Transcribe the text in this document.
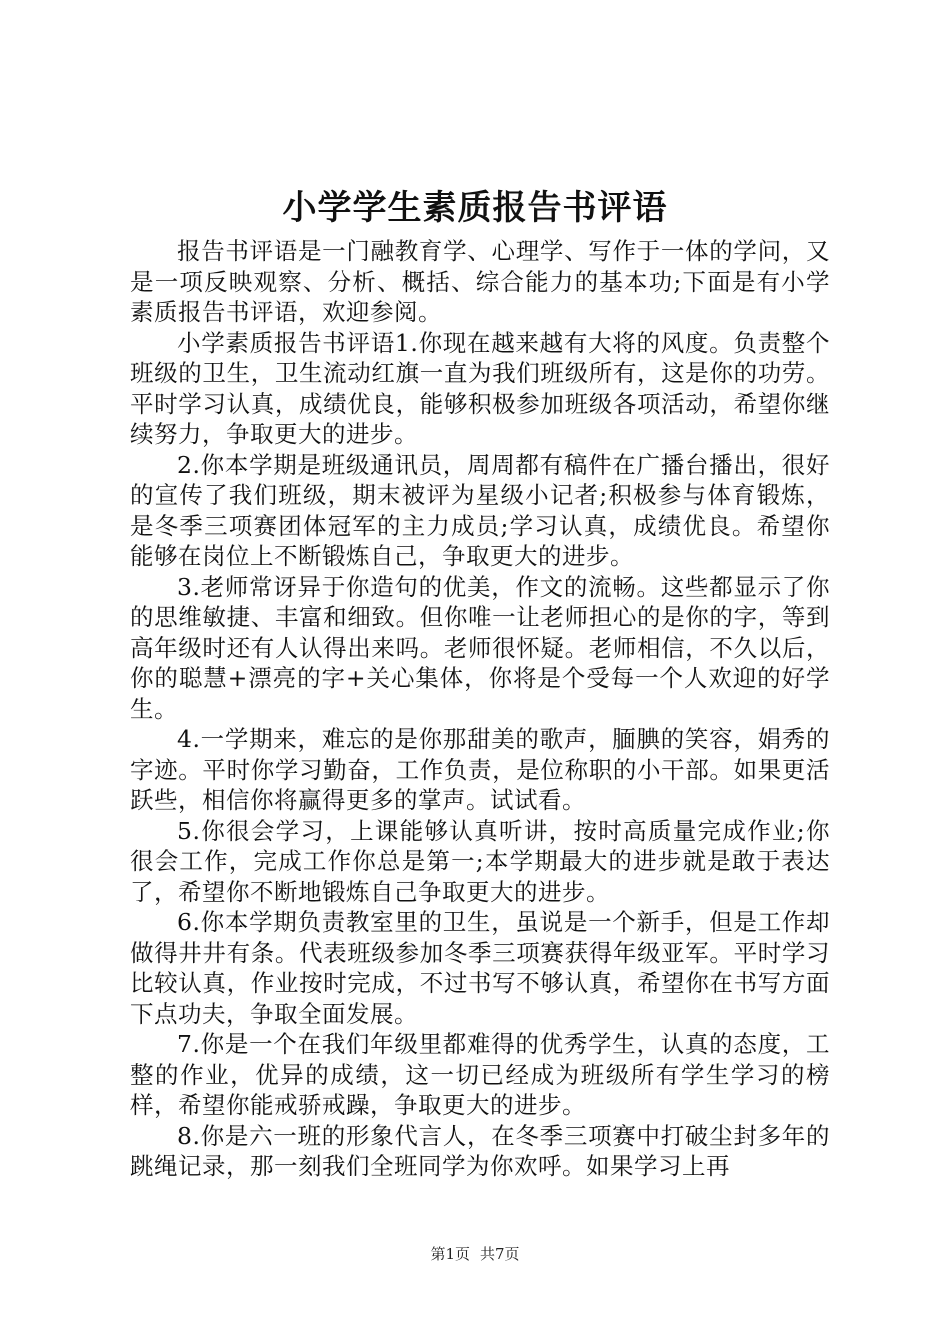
小学学生素质报告书评语

报告书评语是一门融教育学、心理学、写作于一体的学问，又是一项反映观察、分析、概括、综合能力的基本功;下面是有小学素质报告书评语，欢迎参阅。

小学素质报告书评语1.你现在越来越有大将的风度。负责整个班级的卫生，卫生流动红旗一直为我们班级所有，这是你的功劳。平时学习认真，成绩优良，能够积极参加班级各项活动，希望你继续努力，争取更大的进步。

2.你本学期是班级通讯员，周周都有稿件在广播台播出，很好的宣传了我们班级，期末被评为星级小记者;积极参与体育锻炼，是冬季三项赛团体冠军的主力成员;学习认真，成绩优良。希望你能够在岗位上不断锻炼自己，争取更大的进步。

3.老师常讶异于你造句的优美，作文的流畅。这些都显示了你的思维敏捷、丰富和细致。但你唯一让老师担心的是你的字，等到高年级时还有人认得出来吗。老师很怀疑。老师相信，不久以后，你的聪慧+漂亮的字+关心集体，你将是个受每一个人欢迎的好学生。

4.一学期来，难忘的是你那甜美的歌声，腼腆的笑容，娟秀的字迹。平时你学习勤奋，工作负责，是位称职的小干部。如果更活跃些，相信你将赢得更多的掌声。试试看。

5.你很会学习，上课能够认真听讲，按时高质量完成作业;你很会工作，完成工作你总是第一;本学期最大的进步就是敢于表达了，希望你不断地锻炼自己争取更大的进步。

6.你本学期负责教室里的卫生，虽说是一个新手，但是工作却做得井井有条。代表班级参加冬季三项赛获得年级亚军。平时学习比较认真，作业按时完成，不过书写不够认真，希望你在书写方面下点功夫，争取全面发展。

7.你是一个在我们年级里都难得的优秀学生，认真的态度，工整的作业，优异的成绩，这一切已经成为班级所有学生学习的榜样，希望你能戒骄戒躁，争取更大的进步。

8.你是六一班的形象代言人，在冬季三项赛中打破尘封多年的跳绳记录，那一刻我们全班同学为你欢呼。如果学习上再

第1页 共7页
